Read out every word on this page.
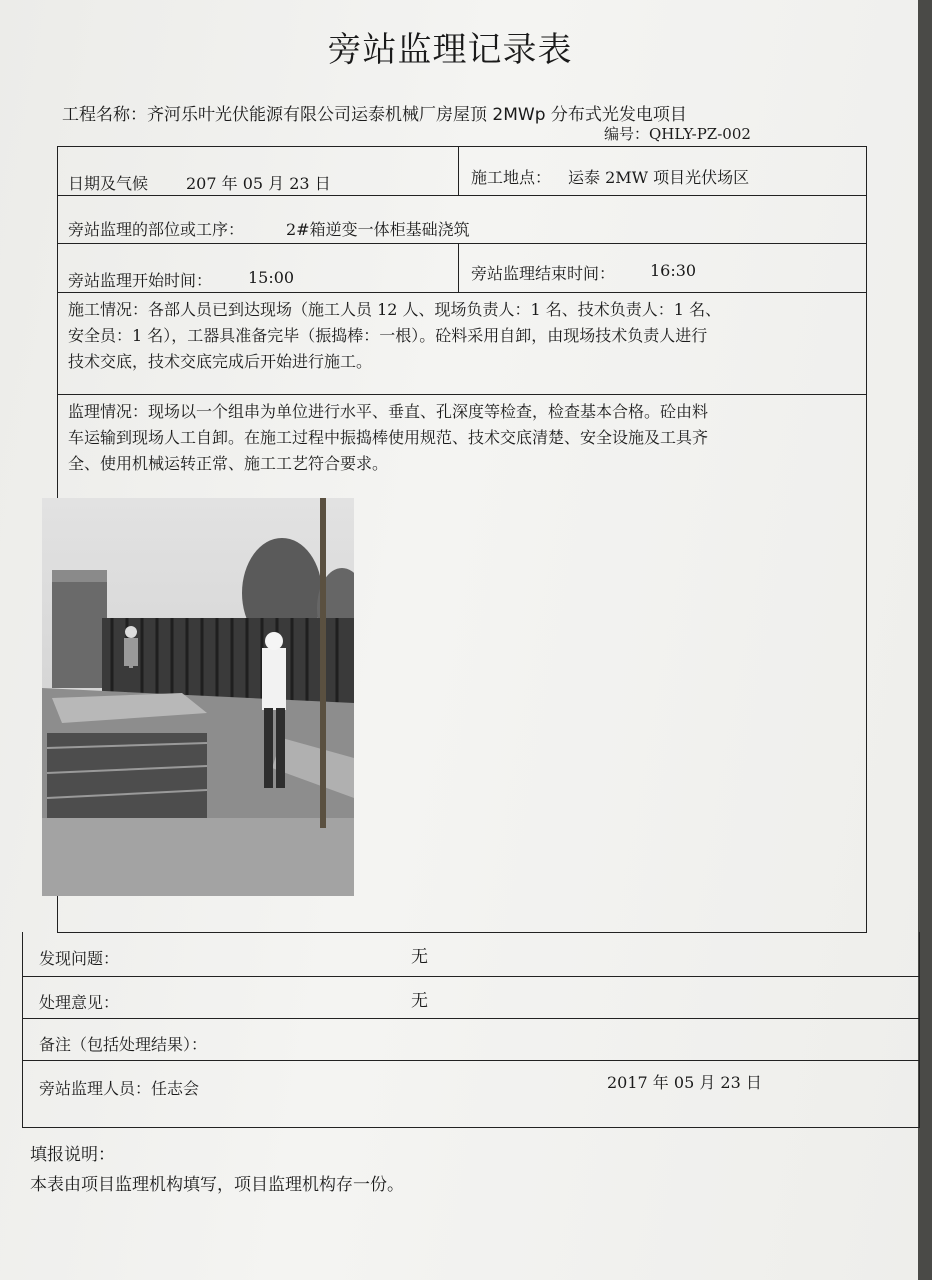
旁站监理记录表
工程名称：齐河乐叶光伏能源有限公司运泰机械厂房屋顶 2MWp 分布式光发电项目
编号：QHLY-PZ-002
日期及气候 207 年 05 月 23 日	施工地点： 运泰 2MW 项目光伏场区
旁站监理的部位或工序：	2#箱逆变一体柜基础浇筑
旁站监理开始时间： 15:00	旁站监理结束时间： 16:30
施工情况：各部人员已到达现场（施工人员 12 人、现场负责人：1 名、技术负责人：1 名、
安全员：1 名），工器具准备完毕（振捣棒：一根）。砼料采用自卸，由现场技术负责人进行
技术交底，技术交底完成后开始进行施工。
监理情况：现场以一个组串为单位进行水平、垂直、孔深度等检查，检查基本合格。砼由料
车运输到现场人工自卸。在施工过程中振捣棒使用规范、技术交底清楚、安全设施及工具齐
全、使用机械运转正常、施工工艺符合要求。
发现问题：	无
处理意见：	无
备注（包括处理结果）：
旁站监理人员：任志会	2017 年 05 月 23 日
填报说明：
本表由项目监理机构填写，项目监理机构存一份。
